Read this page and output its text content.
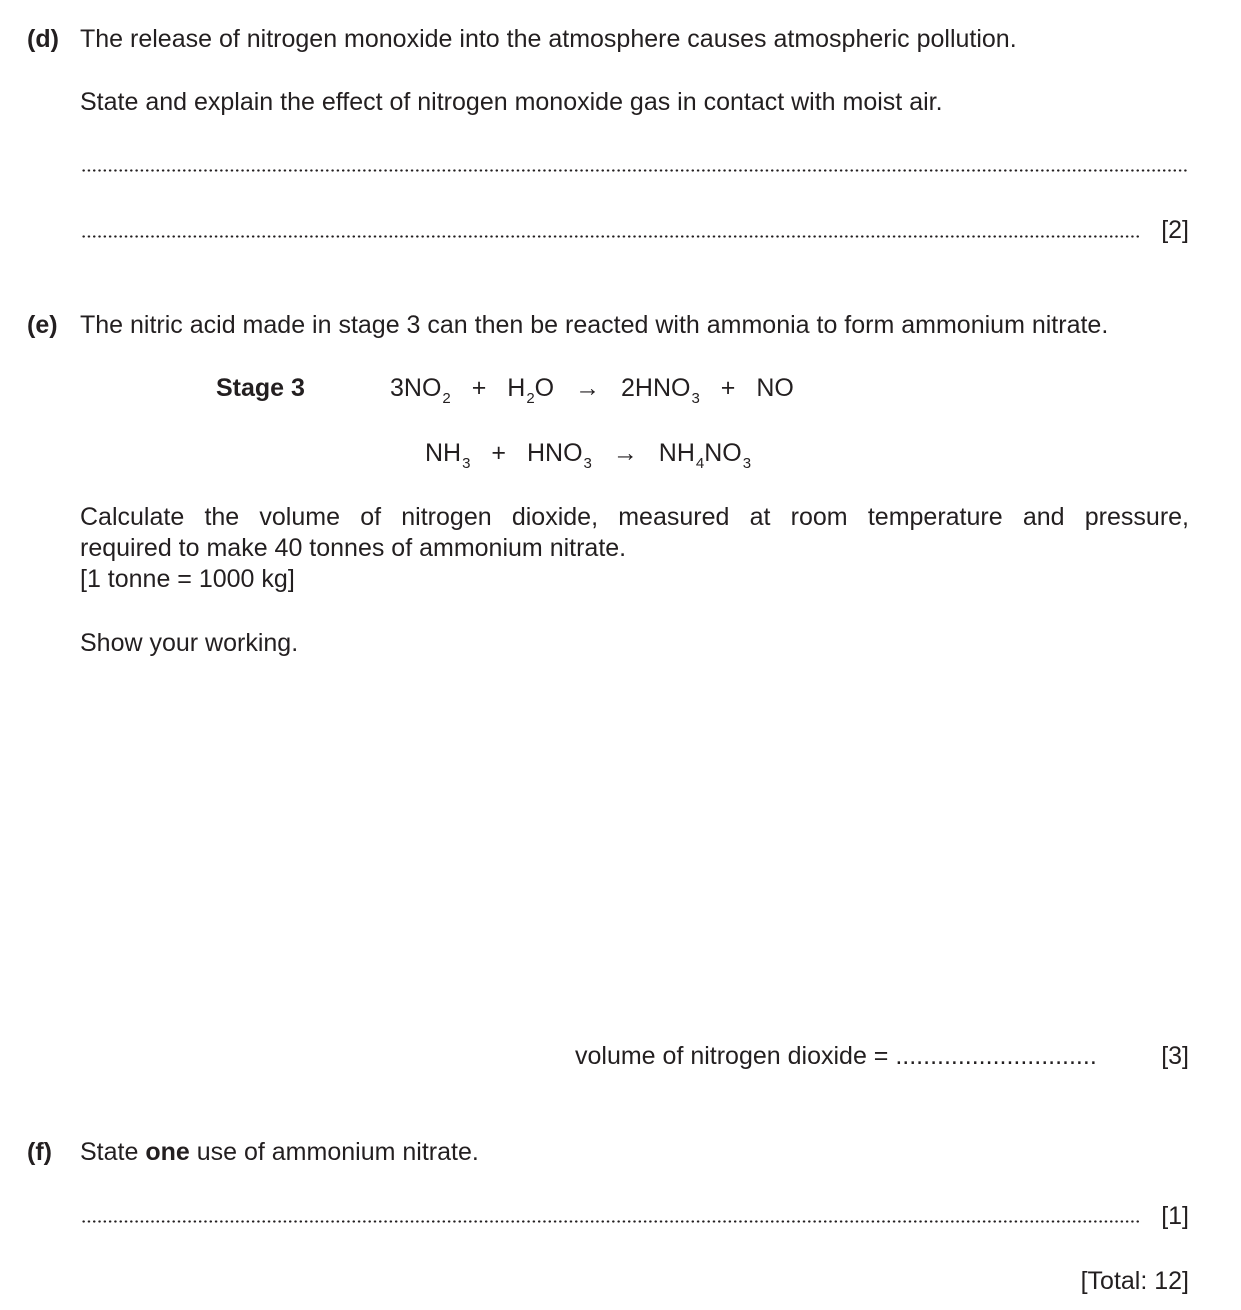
(d) The release of nitrogen monoxide into the atmosphere causes atmospheric pollution.
State and explain the effect of nitrogen monoxide gas in contact with moist air.
[2]
(e) The nitric acid made in stage 3 can then be reacted with ammonia to form ammonium nitrate.
Stage 3	$3NO_2 + H_2O \to 2HNO_3$ + NO
$NH_3 + HNO_3 \to NH_4NO_3$
Calculate the volume of nitrogen dioxide, measured at room temperature and pressure,
required to make 40 tonnes of ammonium nitrate.
[1 tonne = 1000 kg]
Show your working.
volume of nitrogen dioxide = .............................	[3]
(f) State one use of ammonium nitrate.
[1]
[Total: 12]
